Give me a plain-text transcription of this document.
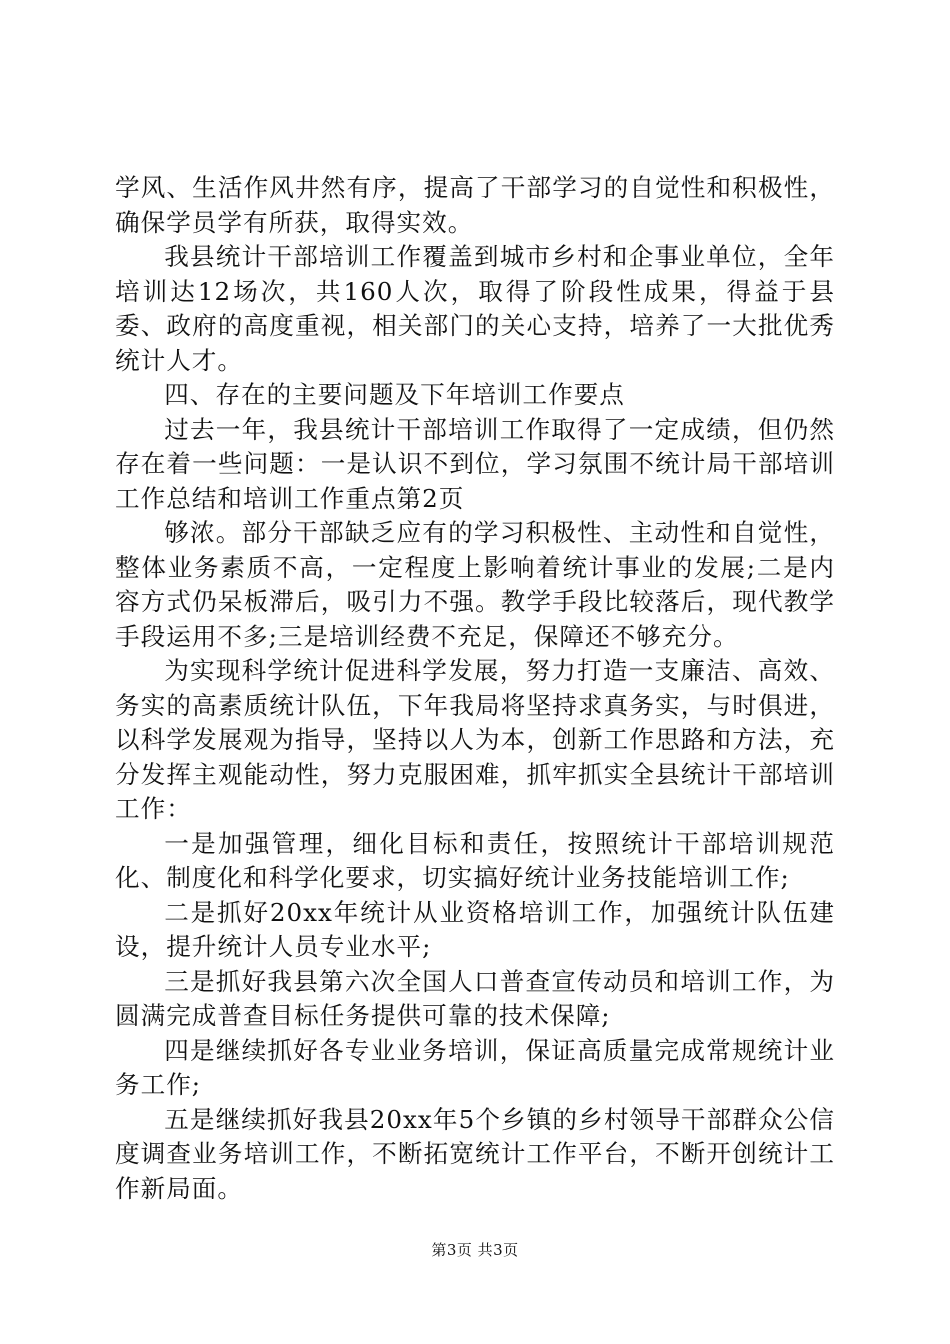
学风、生活作风井然有序，提高了干部学习的自觉性和积极性，确保学员学有所获，取得实效。

我县统计干部培训工作覆盖到城市乡村和企事业单位，全年培训达12场次，共160人次，取得了阶段性成果，得益于县委、政府的高度重视，相关部门的关心支持，培养了一大批优秀统计人才。

四、存在的主要问题及下年培训工作要点

过去一年，我县统计干部培训工作取得了一定成绩，但仍然存在着一些问题：一是认识不到位，学习氛围不统计局干部培训工作总结和培训工作重点第2页

够浓。部分干部缺乏应有的学习积极性、主动性和自觉性，整体业务素质不高，一定程度上影响着统计事业的发展;二是内容方式仍呆板滞后，吸引力不强。教学手段比较落后，现代教学手段运用不多;三是培训经费不充足，保障还不够充分。

为实现科学统计促进科学发展，努力打造一支廉洁、高效、务实的高素质统计队伍，下年我局将坚持求真务实，与时俱进，以科学发展观为指导，坚持以人为本，创新工作思路和方法，充分发挥主观能动性，努力克服困难，抓牢抓实全县统计干部培训工作：

一是加强管理，细化目标和责任，按照统计干部培训规范化、制度化和科学化要求，切实搞好统计业务技能培训工作;

二是抓好20xx年统计从业资格培训工作，加强统计队伍建设，提升统计人员专业水平;

三是抓好我县第六次全国人口普查宣传动员和培训工作，为圆满完成普查目标任务提供可靠的技术保障;

四是继续抓好各专业业务培训，保证高质量完成常规统计业务工作;

五是继续抓好我县20xx年5个乡镇的乡村领导干部群众公信度调查业务培训工作，不断拓宽统计工作平台，不断开创统计工作新局面。

第3页 共3页
